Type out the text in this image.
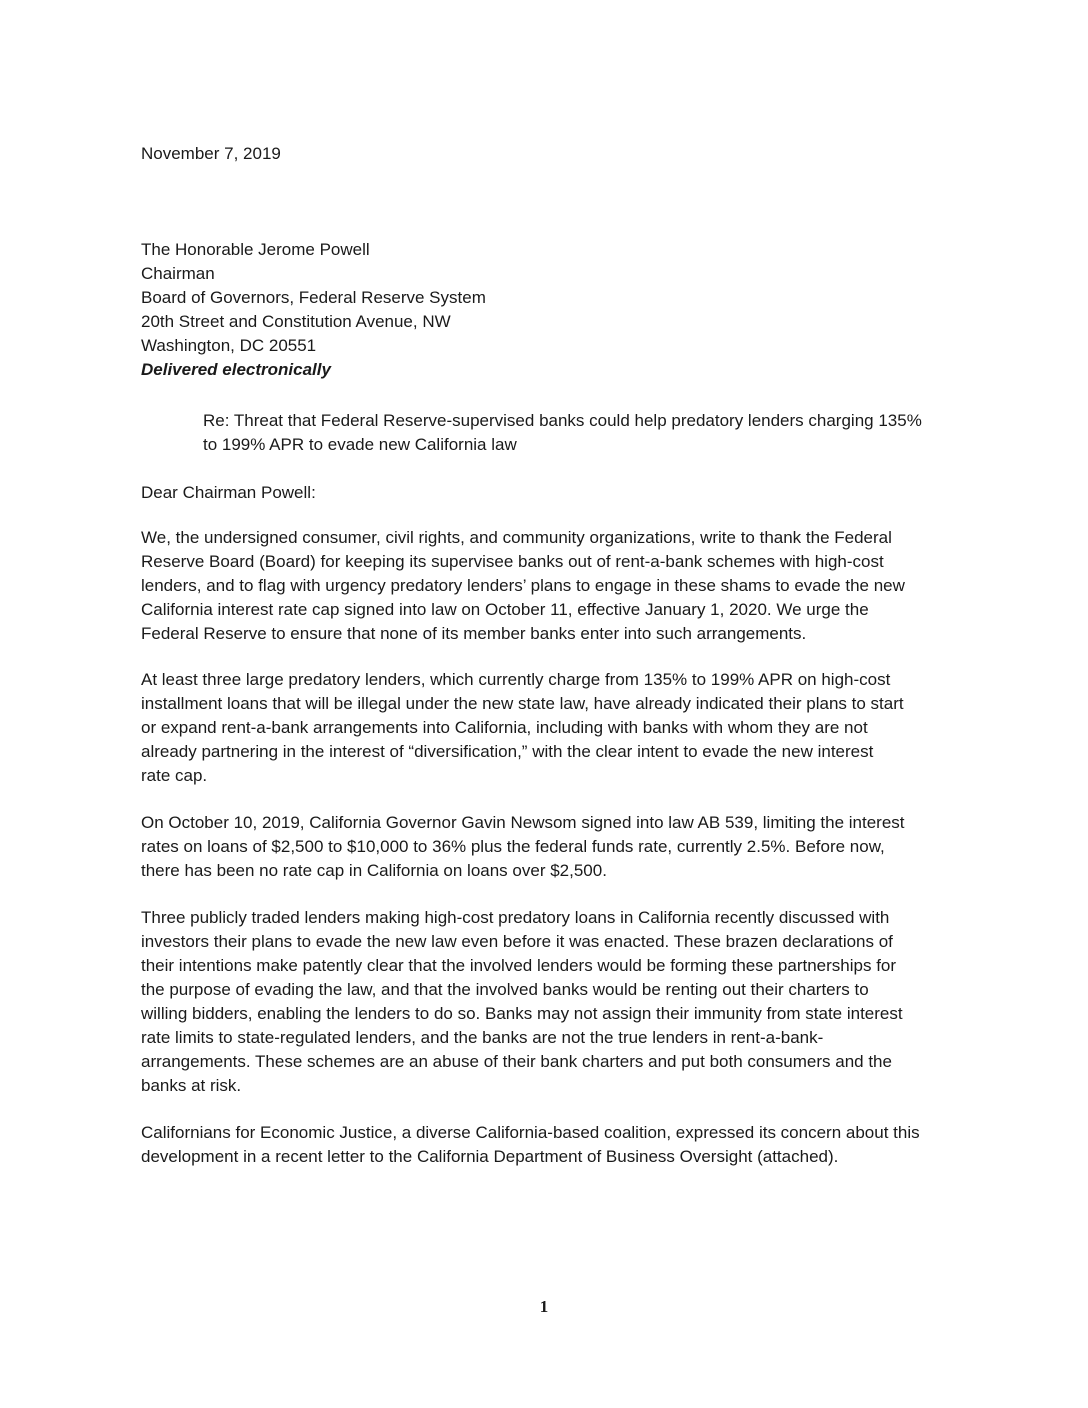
November 7, 2019
The Honorable Jerome Powell
Chairman
Board of Governors, Federal Reserve System
20th Street and Constitution Avenue, NW
Washington, DC 20551
Delivered electronically
Re: Threat that Federal Reserve-supervised banks could help predatory lenders charging 135%
to 199% APR to evade new California law
Dear Chairman Powell:
We, the undersigned consumer, civil rights, and community organizations, write to thank the Federal
Reserve Board (Board) for keeping its supervisee banks out of rent-a-bank schemes with high-cost
lenders, and to flag with urgency predatory lenders’ plans to engage in these shams to evade the new
California interest rate cap signed into law on October 11, effective January 1, 2020. We urge the
Federal Reserve to ensure that none of its member banks enter into such arrangements.
At least three large predatory lenders, which currently charge from 135% to 199% APR on high-cost
installment loans that will be illegal under the new state law, have already indicated their plans to start
or expand rent-a-bank arrangements into California, including with banks with whom they are not
already partnering in the interest of “diversification,” with the clear intent to evade the new interest
rate cap.
On October 10, 2019, California Governor Gavin Newsom signed into law AB 539, limiting the interest
rates on loans of $2,500 to $10,000 to 36% plus the federal funds rate, currently 2.5%. Before now,
there has been no rate cap in California on loans over $2,500.
Three publicly traded lenders making high-cost predatory loans in California recently discussed with
investors their plans to evade the new law even before it was enacted. These brazen declarations of
their intentions make patently clear that the involved lenders would be forming these partnerships for
the purpose of evading the law, and that the involved banks would be renting out their charters to
willing bidders, enabling the lenders to do so. Banks may not assign their immunity from state interest
rate limits to state-regulated lenders, and the banks are not the true lenders in rent-a-bank-
arrangements. These schemes are an abuse of their bank charters and put both consumers and the
banks at risk.
Californians for Economic Justice, a diverse California-based coalition, expressed its concern about this
development in a recent letter to the California Department of Business Oversight (attached).
1
